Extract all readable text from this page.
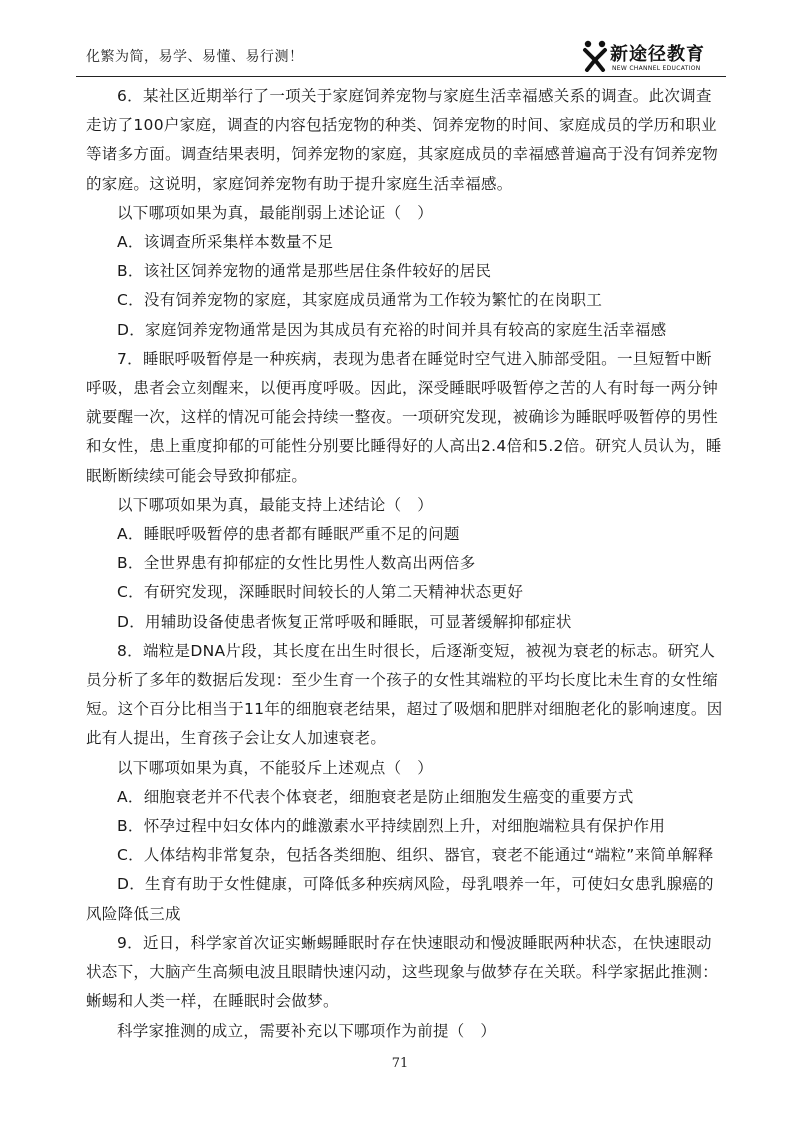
化繁为简，易学、易懂、易行测！	新途径教育
NEW CHANNEL EDUCATION

6．某社区近期举行了一项关于家庭饲养宠物与家庭生活幸福感关系的调查。此次调查走访了100户家庭，调查的内容包括宠物的种类、饲养宠物的时间、家庭成员的学历和职业等诸多方面。调查结果表明，饲养宠物的家庭，其家庭成员的幸福感普遍高于没有饲养宠物的家庭。这说明，家庭饲养宠物有助于提升家庭生活幸福感。

以下哪项如果为真，最能削弱上述论证（　）

A．该调查所采集样本数量不足

B．该社区饲养宠物的通常是那些居住条件较好的居民

C．没有饲养宠物的家庭，其家庭成员通常为工作较为繁忙的在岗职工

D．家庭饲养宠物通常是因为其成员有充裕的时间并具有较高的家庭生活幸福感

7．睡眠呼吸暂停是一种疾病，表现为患者在睡觉时空气进入肺部受阻。一旦短暂中断呼吸，患者会立刻醒来，以便再度呼吸。因此，深受睡眠呼吸暂停之苦的人有时每一两分钟就要醒一次，这样的情况可能会持续一整夜。一项研究发现，被确诊为睡眠呼吸暂停的男性和女性，患上重度抑郁的可能性分别要比睡得好的人高出2.4倍和5.2倍。研究人员认为，睡眠断断续续可能会导致抑郁症。

以下哪项如果为真，最能支持上述结论（　）

A．睡眠呼吸暂停的患者都有睡眠严重不足的问题

B．全世界患有抑郁症的女性比男性人数高出两倍多

C．有研究发现，深睡眠时间较长的人第二天精神状态更好

D．用辅助设备使患者恢复正常呼吸和睡眠，可显著缓解抑郁症状

8．端粒是DNA片段，其长度在出生时很长，后逐渐变短，被视为衰老的标志。研究人员分析了多年的数据后发现：至少生育一个孩子的女性其端粒的平均长度比未生育的女性缩短。这个百分比相当于11年的细胞衰老结果，超过了吸烟和肥胖对细胞老化的影响速度。因此有人提出，生育孩子会让女人加速衰老。

以下哪项如果为真，不能驳斥上述观点（　）

A．细胞衰老并不代表个体衰老，细胞衰老是防止细胞发生癌变的重要方式

B．怀孕过程中妇女体内的雌激素水平持续剧烈上升，对细胞端粒具有保护作用

C．人体结构非常复杂，包括各类细胞、组织、器官，衰老不能通过“端粒”来简单解释

D．生育有助于女性健康，可降低多种疾病风险，母乳喂养一年，可使妇女患乳腺癌的风险降低三成

9．近日，科学家首次证实蜥蜴睡眠时存在快速眼动和慢波睡眠两种状态，在快速眼动状态下，大脑产生高频电波且眼睛快速闪动，这些现象与做梦存在关联。科学家据此推测：蜥蜴和人类一样，在睡眠时会做梦。

科学家推测的成立，需要补充以下哪项作为前提（　）

71
